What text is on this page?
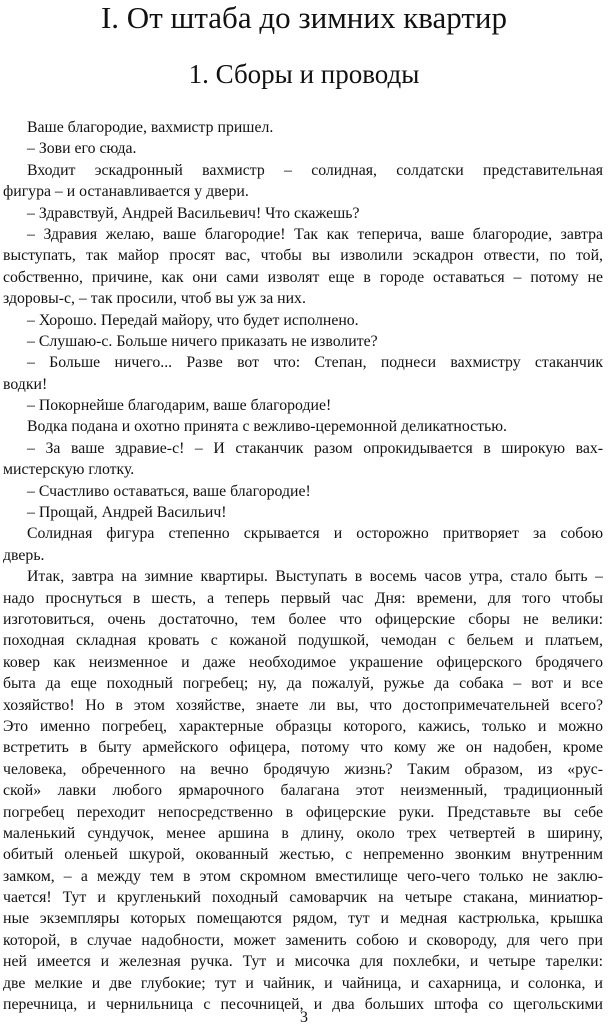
I. От штаба до зимних квартир
1. Сборы и проводы
Ваше благородие, вахмистр пришел.
– Зови его сюда.
Входит эскадронный вахмистр – солидная, солдатски представительная
фигура – и останавливается у двери.
– Здравствуй, Андрей Васильевич! Что скажешь?
– Здравия желаю, ваше благородие! Так как теперича, ваше благородие, завтра
выступать, так майор просят вас, чтобы вы изволили эскадрон отвести, по той,
собственно, причине, как они сами изволят еще в городе оставаться – потому не
здоровы-с, – так просили, чтоб вы уж за них.
– Хорошо. Передай майору, что будет исполнено.
– Слушаю-с. Больше ничего приказать не изволите?
– Больше ничего... Разве вот что: Степан, поднеси вахмистру стаканчик
водки!
– Покорнейше благодарим, ваше благородие!
Водка подана и охотно принята с вежливо-церемонной деликатностью.
– За ваше здравие-с! – И стаканчик разом опрокидывается в широкую вах-
мистерскую глотку.
– Счастливо оставаться, ваше благородие!
– Прощай, Андрей Васильич!
Солидная фигура степенно скрывается и осторожно притворяет за собою
дверь.
Итак, завтра на зимние квартиры. Выступать в восемь часов утра, стало быть –
надо проснуться в шесть, а теперь первый час Дня: времени, для того чтобы
изготовиться, очень достаточно, тем более что офицерские сборы не велики:
походная складная кровать с кожаной подушкой, чемодан с бельем и платьем,
ковер как неизменное и даже необходимое украшение офицерского бродячего
быта да еще походный погребец; ну, да пожалуй, ружье да собака – вот и все
хозяйство! Но в этом хозяйстве, знаете ли вы, что достопримечательней всего?
Это именно погребец, характерные образцы которого, кажись, только и можно
встретить в быту армейского офицера, потому что кому же он надобен, кроме
человека, обреченного на вечно бродячую жизнь? Таким образом, из «рус-
ской» лавки любого ярмарочного балагана этот неизменный, традиционный
погребец переходит непосредственно в офицерские руки. Представьте вы себе
маленький сундучок, менее аршина в длину, около трех четвертей в ширину,
обитый оленьей шкурой, окованный жестью, с непременно звонким внутренним
замком, – а между тем в этом скромном вместилище чего-чего только не заклю-
чается! Тут и кругленький походный самоварчик на четыре стакана, миниатюр-
ные экземпляры которых помещаются рядом, тут и медная кастрюлька, крышка
которой, в случае надобности, может заменить собою и сковороду, для чего при
ней имеется и железная ручка. Тут и мисочка для похлебки, и четыре тарелки:
две мелкие и две глубокие; тут и чайник, и чайница, и сахарница, и солонка, и
перечница, и чернильница с песочницей, и два больших штофа со щегольскими
3
